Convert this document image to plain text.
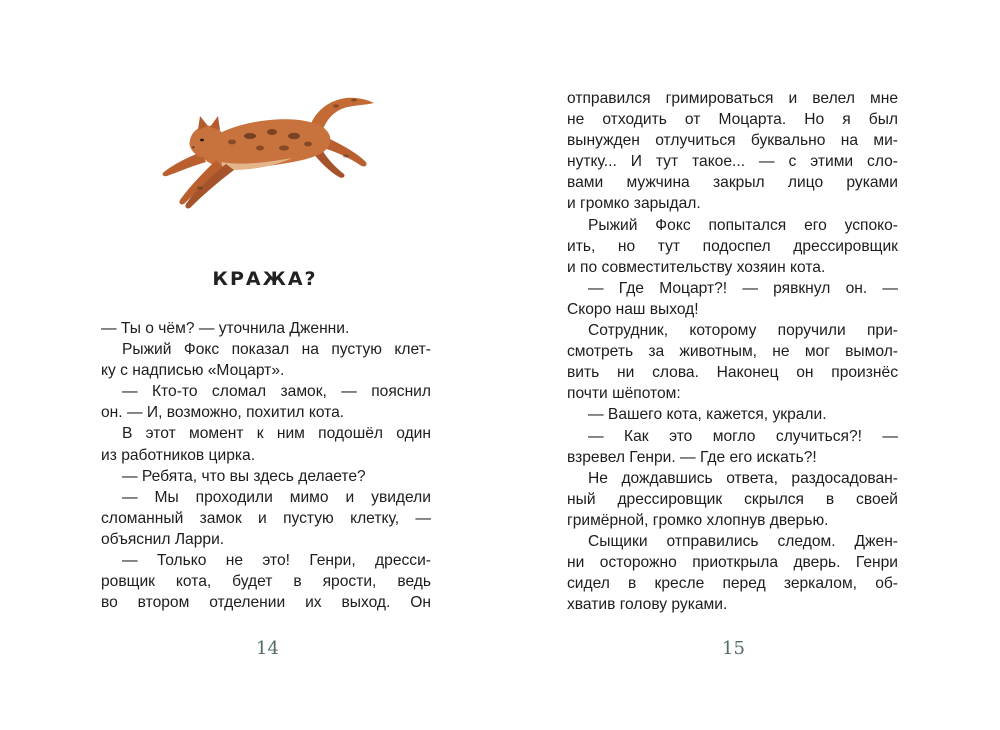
КРАЖА?
— Ты о чём? — уточнила Дженни.
Рыжий Фокс показал на пустую клет-
ку с надписью «Моцарт».
— Кто-то сломал замок, — пояснил
он. — И, возможно, похитил кота.
В этот момент к ним подошёл один
из работников цирка.
— Ребята, что вы здесь делаете?
— Мы проходили мимо и увидели
сломанный замок и пустую клетку, —
объяснил Ларри.
— Только не это! Генри, дресси-
ровщик кота, будет в ярости, ведь
во втором отделении их выход. Он
14
отправился гримироваться и велел мне
не отходить от Моцарта. Но я был
вынужден отлучиться буквально на ми-
нутку... И тут такое... — с этими сло-
вами мужчина закрыл лицо руками
и громко зарыдал.
Рыжий Фокс попытался его успоко-
ить, но тут подоспел дрессировщик
и по совместительству хозяин кота.
— Где Моцарт?! — рявкнул он. —
Скоро наш выход!
Сотрудник, которому поручили при-
смотреть за животным, не мог вымол-
вить ни слова. Наконец он произнёс
почти шёпотом:
— Вашего кота, кажется, украли.
— Как это могло случиться?! —
взревел Генри. — Где его искать?!
Не дождавшись ответа, раздосадован-
ный дрессировщик скрылся в своей
гримёрной, громко хлопнув дверью.
Сыщики отправились следом. Джен-
ни осторожно приоткрыла дверь. Генри
сидел в кресле перед зеркалом, об-
хватив голову руками.
15
